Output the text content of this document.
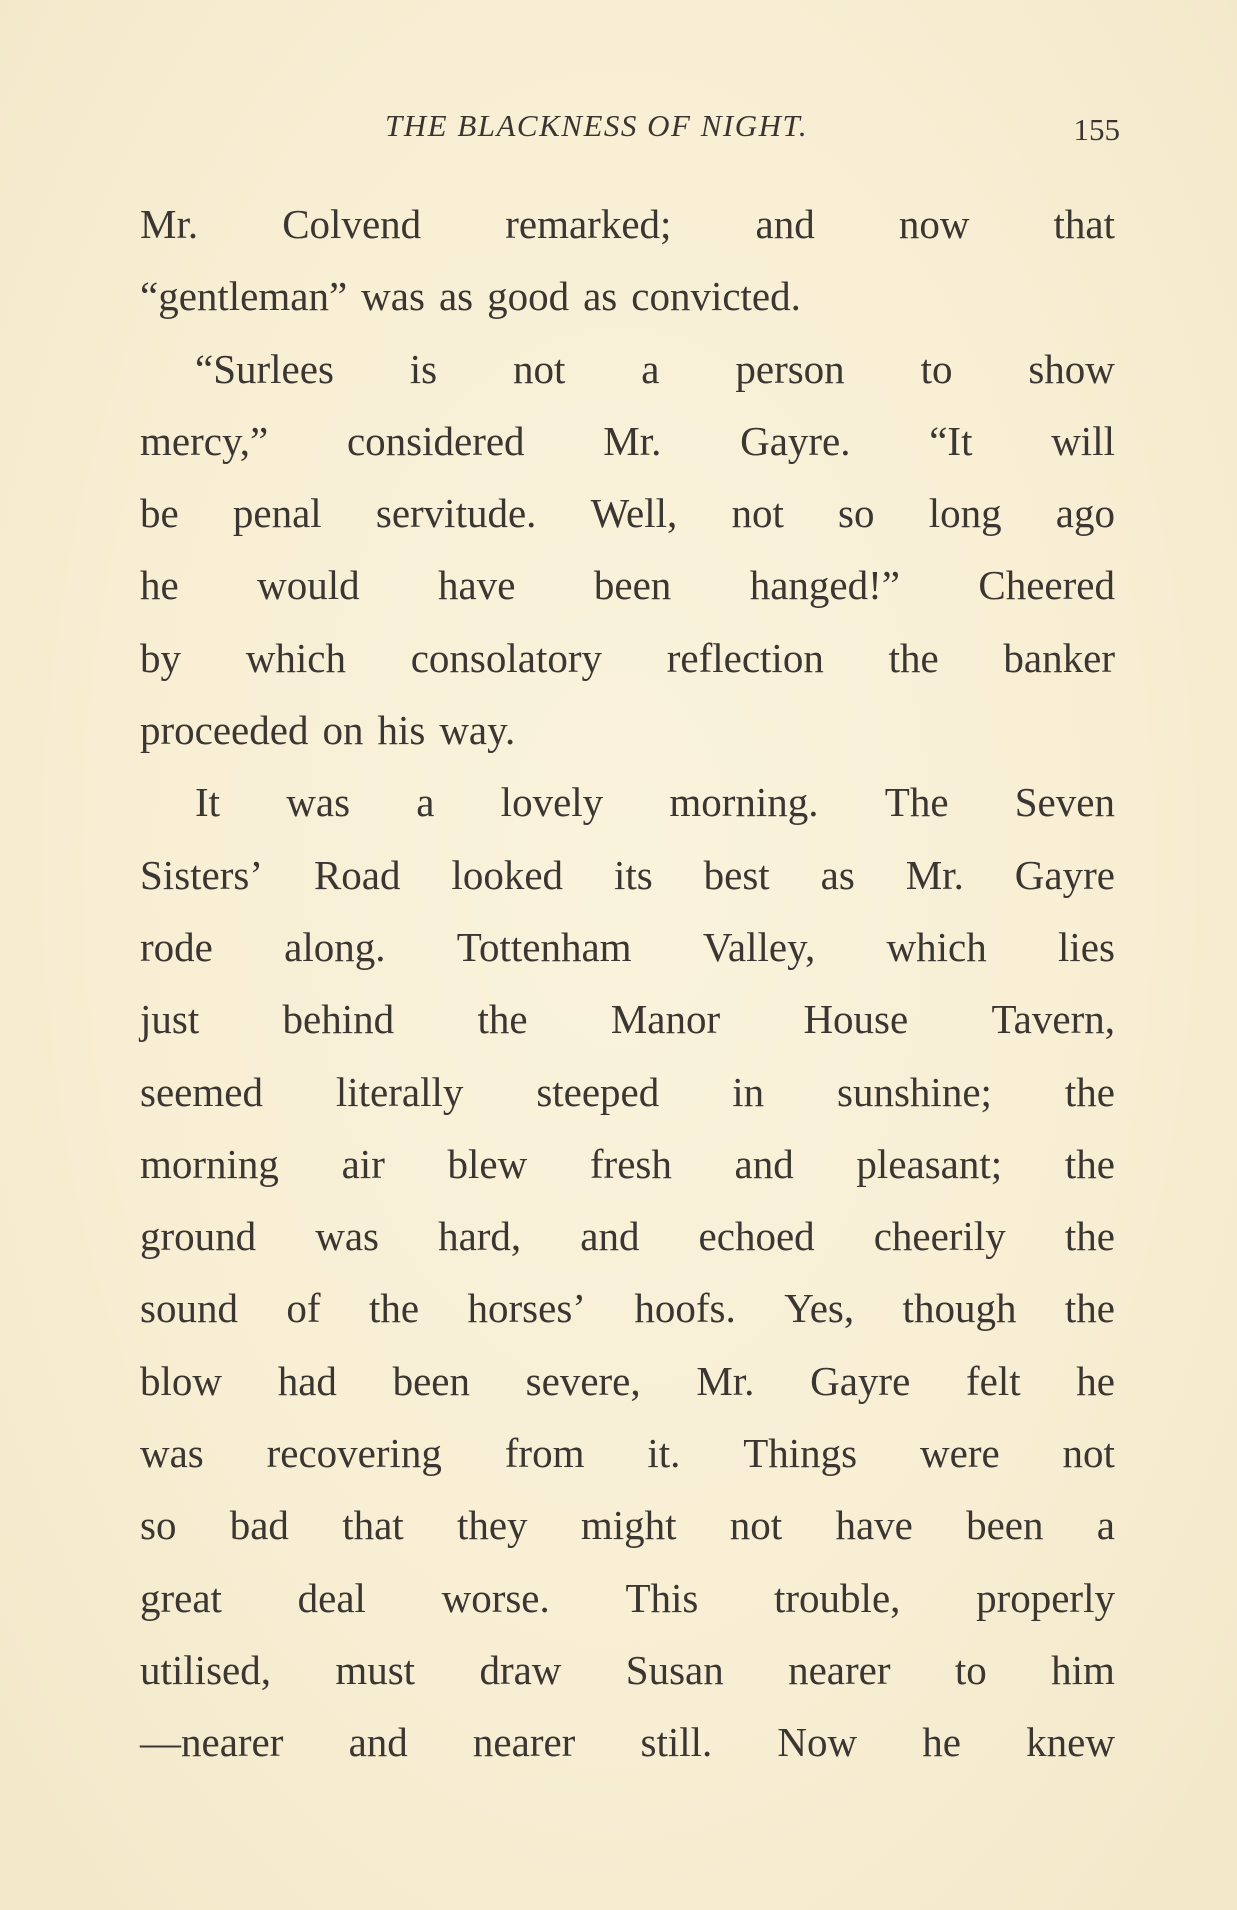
THE BLACKNESS OF NIGHT.	155
Mr. Colvend remarked; and now that
“gentleman” was as good as convicted.
“Surlees is not a person to show
mercy,” considered Mr. Gayre. “It will
be penal servitude. Well, not so long ago
he would have been hanged!” Cheered
by which consolatory reflection the banker
proceeded on his way.
It was a lovely morning. The Seven
Sisters’ Road looked its best as Mr. Gayre
rode along. Tottenham Valley, which lies
just behind the Manor House Tavern,
seemed literally steeped in sunshine; the
morning air blew fresh and pleasant; the
ground was hard, and echoed cheerily the
sound of the horses’ hoofs. Yes, though the
blow had been severe, Mr. Gayre felt he
was recovering from it. Things were not
so bad that they might not have been a
great deal worse. This trouble, properly
utilised, must draw Susan nearer to him
—nearer and nearer still. Now he knew
